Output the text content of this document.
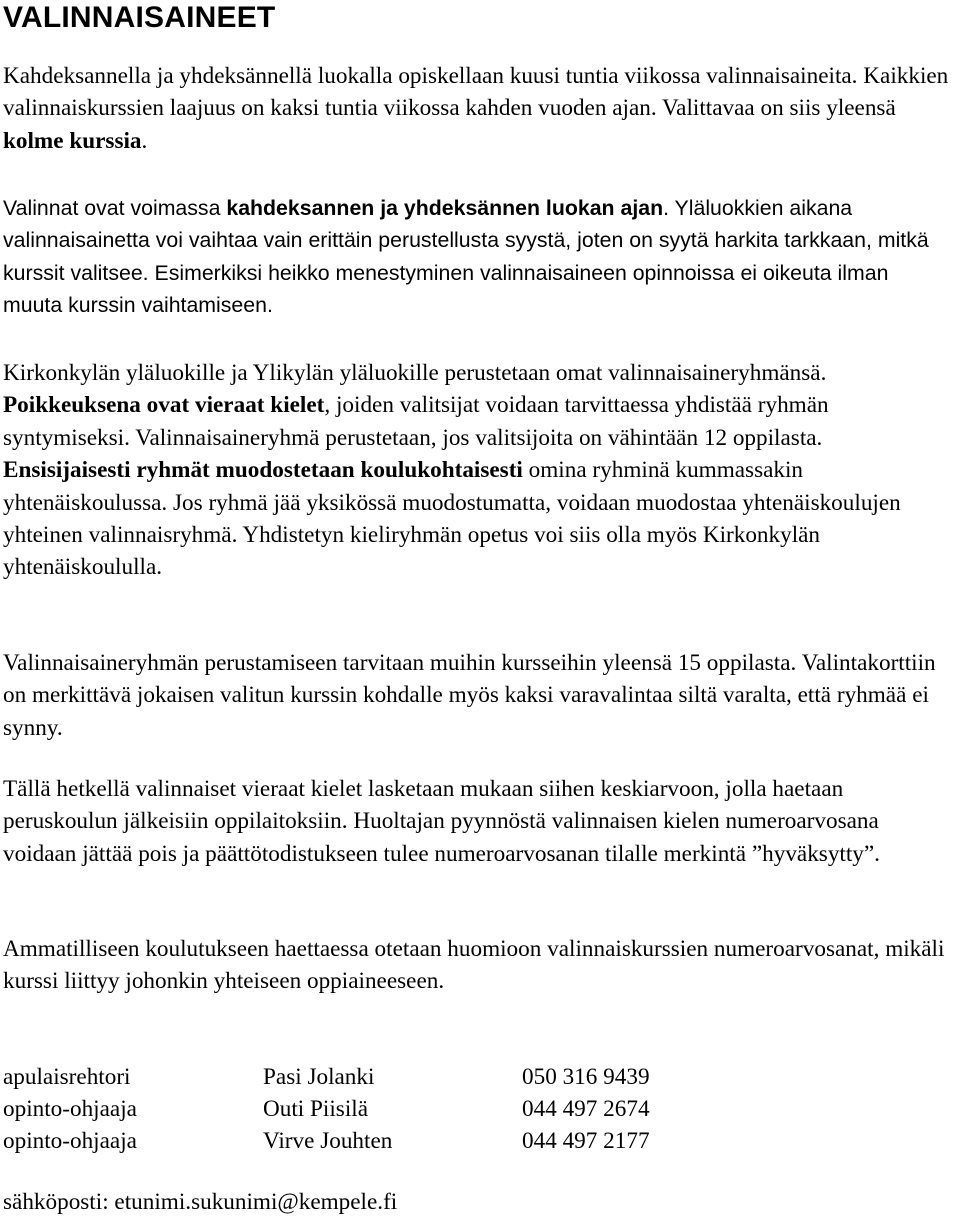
VALINNAISAINEET

Kahdeksannella ja yhdeksännellä luokalla opiskellaan kuusi tuntia viikossa valinnaisaineita. Kaikkien valinnaiskurssien laajuus on kaksi tuntia viikossa kahden vuoden ajan. Valittavaa on siis yleensä kolme kurssia.

Valinnat ovat voimassa kahdeksannen ja yhdeksännen luokan ajan. Yläluokkien aikana valinnaisainetta voi vaihtaa vain erittäin perustellusta syystä, joten on syytä harkita tarkkaan, mitkä kurssit valitsee. Esimerkiksi heikko menestyminen valinnaisaineen opinnoissa ei oikeuta ilman muuta kurssin vaihtamiseen.

Kirkonkylän yläluokille ja Ylikylän yläluokille perustetaan omat valinnaisaineryhmänsä. Poikkeuksena ovat vieraat kielet, joiden valitsijat voidaan tarvittaessa yhdistää ryhmän syntymiseksi. Valinnaisaineryhmä perustetaan, jos valitsijoita on vähintään 12 oppilasta. Ensisijaisesti ryhmät muodostetaan koulukohtaisesti omina ryhminä kummassakin yhtenäiskoulussa. Jos ryhmä jää yksikössä muodostumatta, voidaan muodostaa yhtenäiskoulujen yhteinen valinnaisryhmä. Yhdistetyn kieliryhmän opetus voi siis olla myös Kirkonkylän yhtenäiskoululla.

Valinnaisaineryhmän perustamiseen tarvitaan muihin kursseihin yleensä 15 oppilasta. Valintakorttiin on merkittävä jokaisen valitun kurssin kohdalle myös kaksi varavalintaa siltä varalta, että ryhmää ei synny.

Tällä hetkellä valinnaiset vieraat kielet lasketaan mukaan siihen keskiarvoon, jolla haetaan peruskoulun jälkeisiin oppilaitoksiin. Huoltajan pyynnöstä valinnaisen kielen numeroarvosana voidaan jättää pois ja päättötodistukseen tulee numeroarvosanan tilalle merkintä ”hyväksytty”.

Ammatilliseen koulutukseen haettaessa otetaan huomioon valinnaiskurssien numeroarvosanat, mikäli kurssi liittyy johonkin yhteiseen oppiaineeseen.

apulaisrehtori	Pasi Jolanki	050 316 9439
opinto-ohjaaja	Outi Piisilä	044 497 2674
opinto-ohjaaja	Virve Jouhten	044 497 2177
sähköposti: etunimi.sukunimi@kempele.fi
